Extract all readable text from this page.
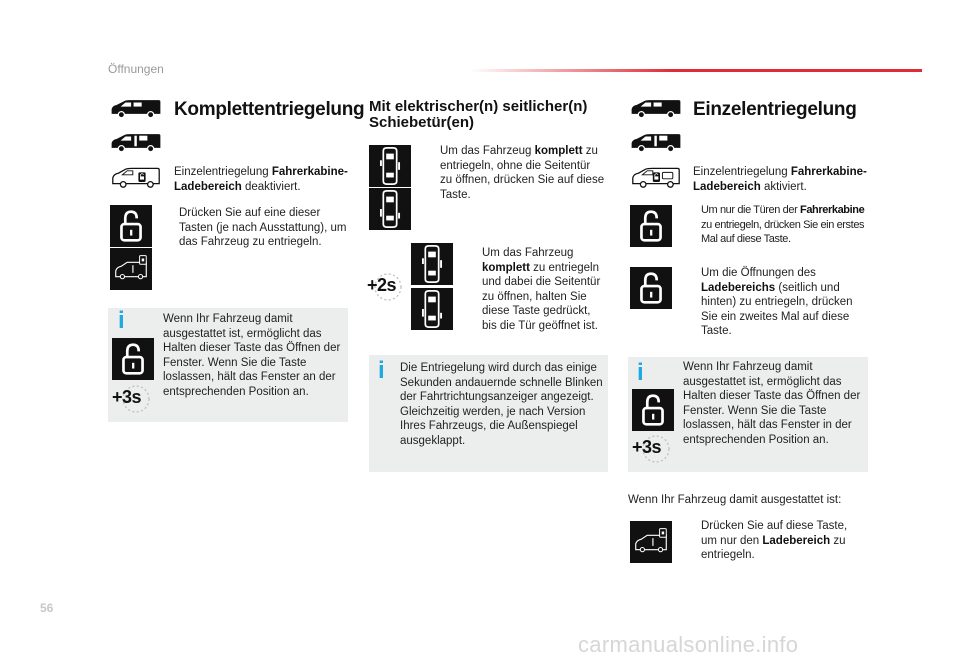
Öffnungen
Komplettentriegelung
Einzelentriegelung Fahrerkabine-Ladebereich deaktiviert.
Drücken Sie auf eine dieser Tasten (je nach Ausstattung), um das Fahrzeug zu entriegeln.
i
+3s
Wenn Ihr Fahrzeug damit ausgestattet ist, ermöglicht das Halten dieser Taste das Öffnen der Fenster. Wenn Sie die Taste loslassen, hält das Fenster an der entsprechenden Position an.
Mit elektrischer(n) seitlicher(n)
Schiebetür(en)
Um das Fahrzeug komplett zu entriegeln, ohne die Seitentür zu öffnen, drücken Sie auf diese Taste.
+2s
Um das Fahrzeug komplett zu entriegeln und dabei die Seitentür zu öffnen, halten Sie diese Taste gedrückt, bis die Tür geöffnet ist.
i Die Entriegelung wird durch das einige Sekunden andauernde schnelle Blinken der Fahrtrichtungsanzeiger angezeigt. Gleichzeitig werden, je nach Version Ihres Fahrzeugs, die Außenspiegel ausgeklappt.
Einzelentriegelung
Einzelentriegelung Fahrerkabine-Ladebereich aktiviert.
Um nur die Türen der Fahrerkabine zu entriegeln, drücken Sie ein erstes Mal auf diese Taste.
Um die Öffnungen des Ladebereichs (seitlich und hinten) zu entriegeln, drücken Sie ein zweites Mal auf diese Taste.
i
+3s
Wenn Ihr Fahrzeug damit ausgestattet ist, ermöglicht das Halten dieser Taste das Öffnen der Fenster. Wenn Sie die Taste loslassen, hält das Fenster in der entsprechenden Position an.
Wenn Ihr Fahrzeug damit ausgestattet ist:
Drücken Sie auf diese Taste, um nur den Ladebereich zu entriegeln.
56
carmanualsonline.info
